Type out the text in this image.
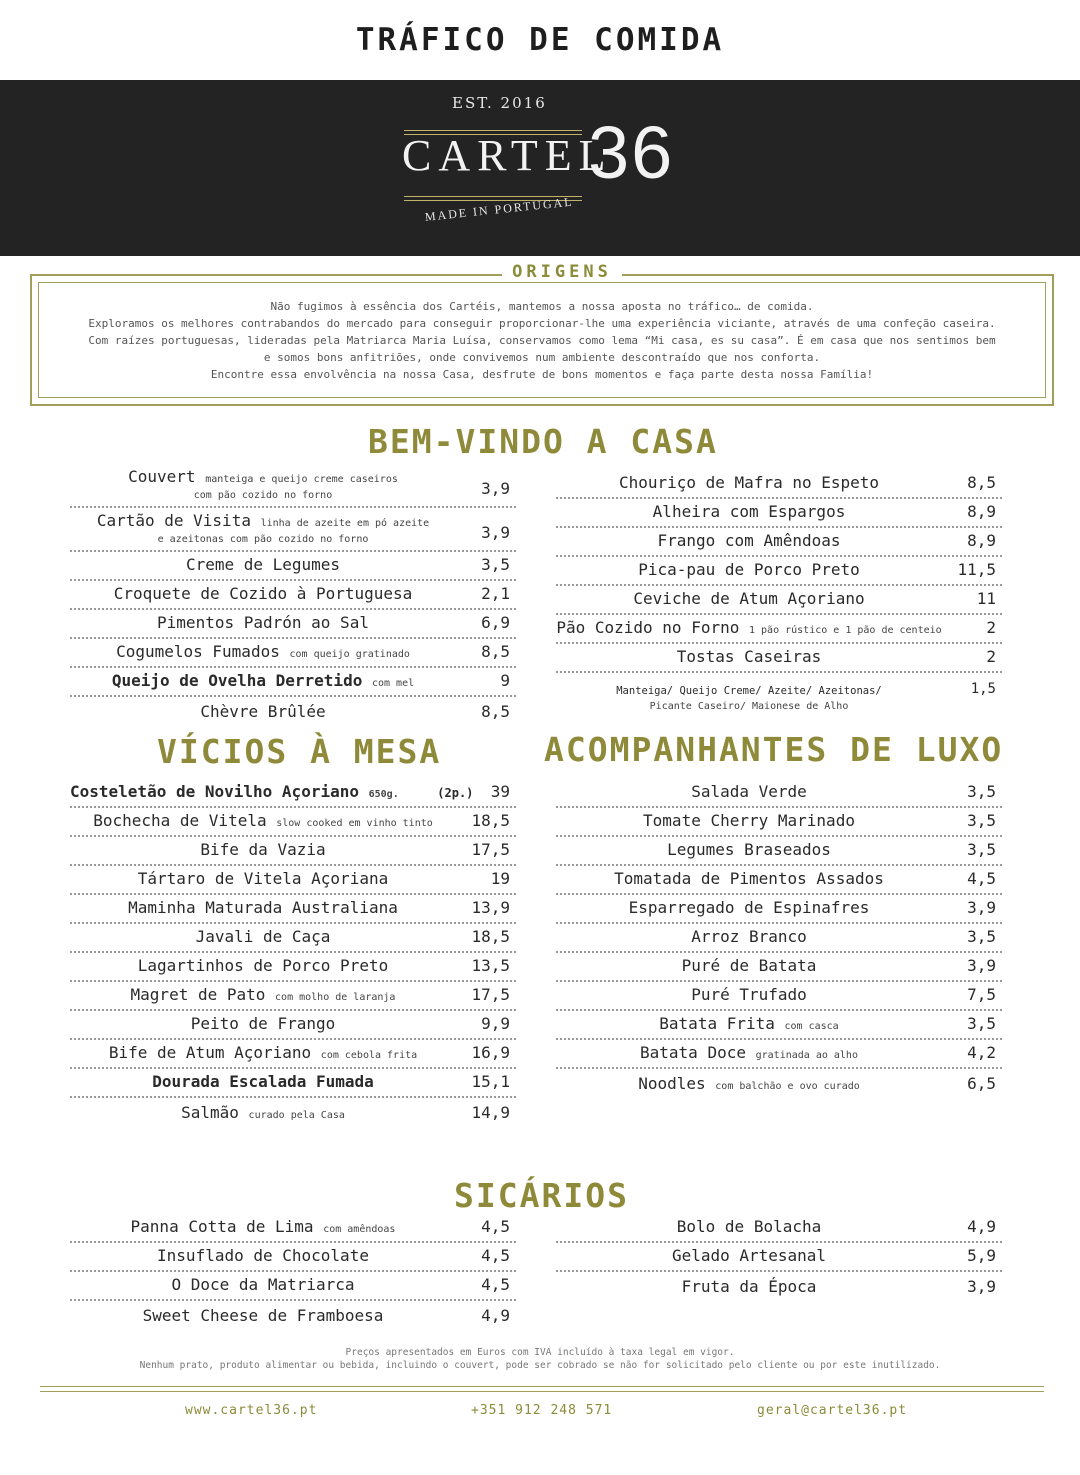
TRÁFICO DE COMIDA
EST. 2016
CARTEL
36
MADE IN PORTUGAL
ORIGENS
Não fugimos à essência dos Cartéis, mantemos a nossa aposta no tráfico… de comida.
Exploramos os melhores contrabandos do mercado para conseguir proporcionar-lhe uma experiência viciante, através de uma confeção caseira.
Com raízes portuguesas, lideradas pela Matriarca Maria Luísa, conservamos como lema “Mi casa, es su casa”. É em casa que nos sentimos bem
e somos bons anfitriões, onde convivemos num ambiente descontraído que nos conforta.
Encontre essa envolvência na nossa Casa, desfrute de bons momentos e faça parte desta nossa Família!
BEM-VINDO A CASA
VÍCIOS À MESA	ACOMPANHANTES DE LUXO
SICÁRIOS
Couvert manteiga e queijo creme caseiros
com pão cozido no forno	3,9
Cartão de Visita linha de azeite em pó azeite
e azeitonas com pão cozido no forno	3,9
Creme de Legumes	3,5
Croquete de Cozido à Portuguesa	2,1
Pimentos Padrón ao Sal	6,9
Cogumelos Fumados com queijo gratinado	8,5
Queijo de Ovelha Derretido com mel	9
Chèvre Brûlée	8,5
Chouriço de Mafra no Espeto	8,5
Alheira com Espargos	8,9
Frango com Amêndoas	8,9
Pica-pau de Porco Preto	11,5
Ceviche de Atum Açoriano	11
Pão Cozido no Forno 1 pão rústico e 1 pão de centeio	2
Tostas Caseiras	2
Manteiga/ Queijo Creme/ Azeite/ Azeitonas/
Picante Caseiro/ Maionese de Alho
1,5
Costeletão de Novilho Açoriano 650g.	(2p.) 39
Bochecha de Vitela slow cooked em vinho tinto	18,5
Bife da Vazia	17,5
Tártaro de Vitela Açoriana	19
Maminha Maturada Australiana	13,9
Javali de Caça	18,5
Lagartinhos de Porco Preto	13,5
Magret de Pato com molho de laranja	17,5
Peito de Frango	9,9
Bife de Atum Açoriano com cebola frita	16,9
Dourada Escalada Fumada	15,1
Salmão curado pela Casa	14,9
Salada Verde	3,5
Tomate Cherry Marinado	3,5
Legumes Braseados	3,5
Tomatada de Pimentos Assados	4,5
Esparregado de Espinafres	3,9
Arroz Branco	3,5
Puré de Batata	3,9
Puré Trufado	7,5
Batata Frita com casca	3,5
Batata Doce gratinada ao alho	4,2
Noodles com balchão e ovo curado	6,5
Panna Cotta de Lima com amêndoas	4,5
Insuflado de Chocolate	4,5
O Doce da Matriarca	4,5
Sweet Cheese de Framboesa	4,9
Bolo de Bolacha	4,9
Gelado Artesanal	5,9
Fruta da Época	3,9
Preços apresentados em Euros com IVA incluído à taxa legal em vigor.
Nenhum prato, produto alimentar ou bebida, incluindo o couvert, pode ser cobrado se não for solicitado pelo cliente ou por este inutilizado.
www.cartel36.pt	+351 912 248 571	geral@cartel36.pt
